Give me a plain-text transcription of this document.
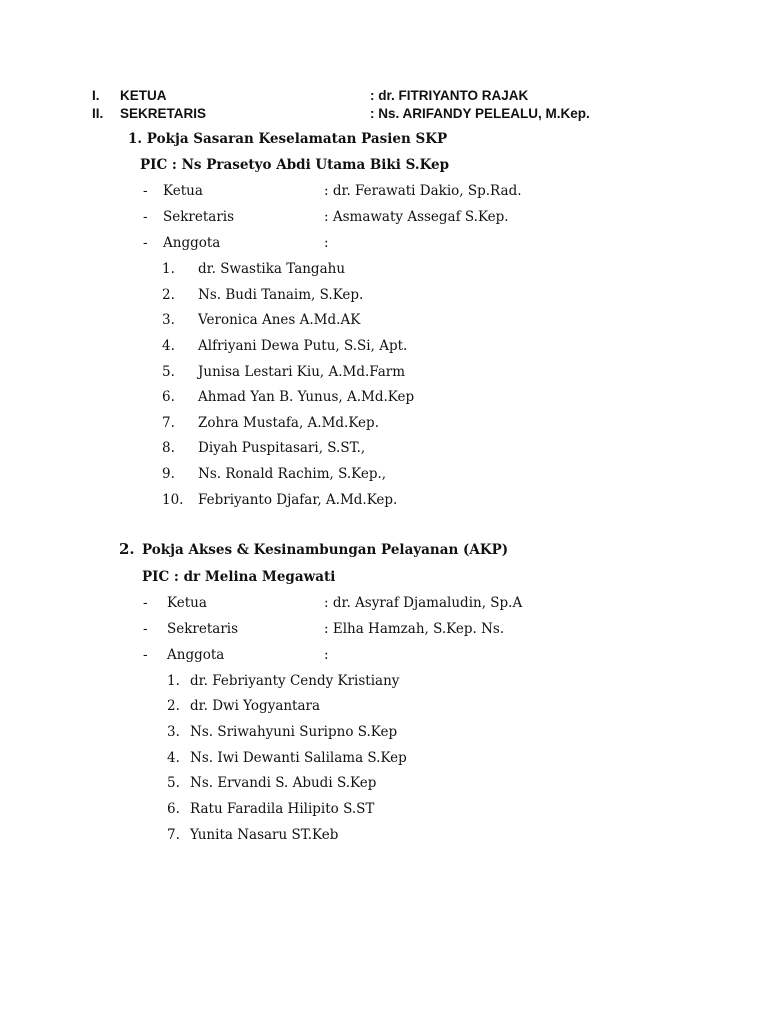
I. KETUA	: dr. FITRIYANTO RAJAK
II. SEKRETARIS	: Ns. ARIFANDY PELEALU, M.Kep.
1. Pokja Sasaran Keselamatan Pasien SKP
PIC : Ns Prasetyo Abdi Utama Biki S.Kep
- Ketua	: dr. Ferawati Dakio, Sp.Rad.
- Sekretaris	: Asmawaty Assegaf S.Kep.
- Anggota	:
1. dr. Swastika Tangahu
2. Ns. Budi Tanaim, S.Kep.
3. Veronica Anes A.Md.AK
4. Alfriyani Dewa Putu, S.Si, Apt.
5. Junisa Lestari Kiu, A.Md.Farm
6. Ahmad Yan B. Yunus, A.Md.Kep
7. Zohra Mustafa, A.Md.Kep.
8. Diyah Puspitasari, S.ST.,
9. Ns. Ronald Rachim, S.Kep.,
10. Febriyanto Djafar, A.Md.Kep.
2. Pokja Akses & Kesinambungan Pelayanan (AKP)
PIC : dr Melina Megawati
- Ketua	: dr. Asyraf Djamaludin, Sp.A
- Sekretaris	: Elha Hamzah, S.Kep. Ns.
- Anggota	:
1. dr. Febriyanty Cendy Kristiany
2. dr. Dwi Yogyantara
3. Ns. Sriwahyuni Suripno S.Kep
4. Ns. Iwi Dewanti Salilama S.Kep
5. Ns. Ervandi S. Abudi S.Kep
6. Ratu Faradila Hilipito S.ST
7. Yunita Nasaru ST.Keb
